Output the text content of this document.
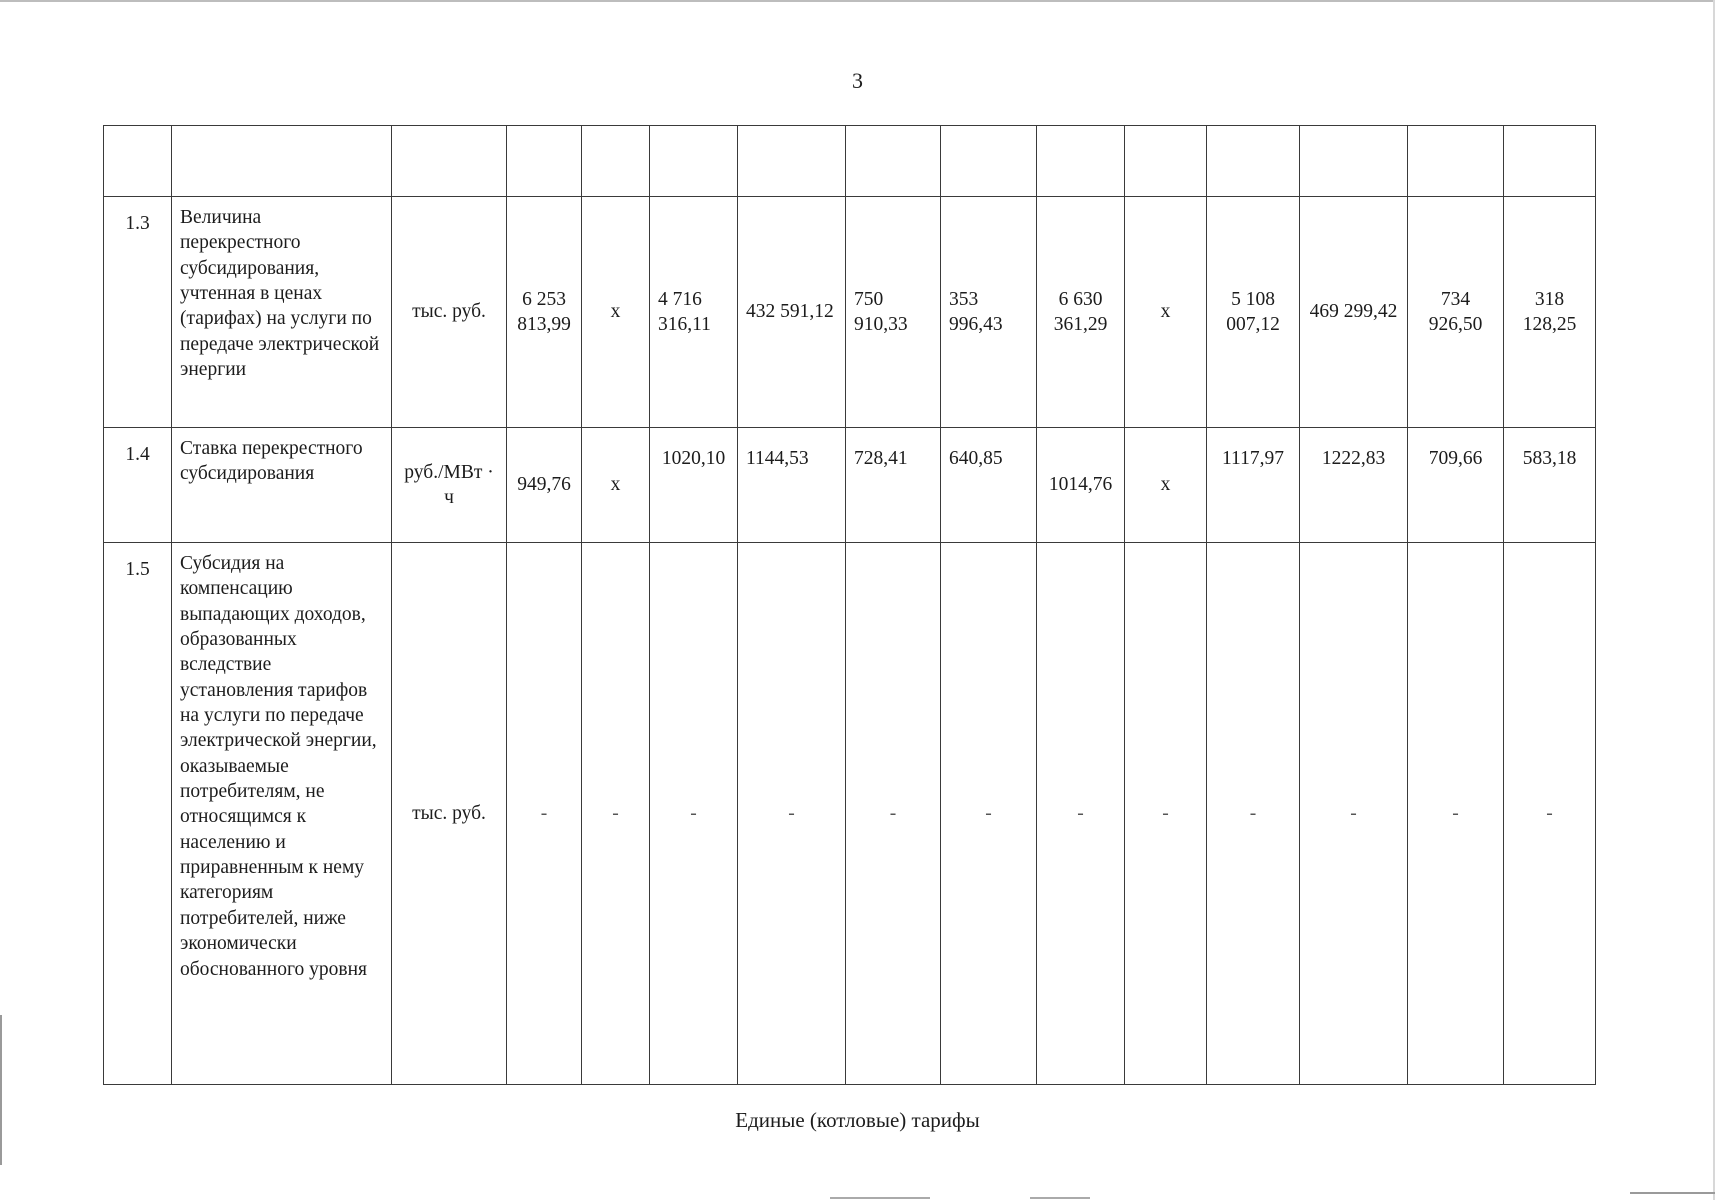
3

1.3	Величина перекрестного субсидирования, учтенная в ценах (тарифах) на услуги по передаче электрической энергии	тыс. руб.	6 253 813,99	x	4 716 316,11	432 591,12	750 910,33	353 996,43	6 630 361,29	x	5 108 007,12	469 299,42	734 926,50	318 128,25
1.4	Ставка перекрестного субсидирования	руб./МВт · ч	949,76	x	1020,10	1144,53	728,41	640,85	1014,76	x	1117,97	1222,83	709,66	583,18
1.5	Субсидия на компенсацию выпадающих доходов, образованных вследствие установления тарифов на услуги по передаче электрической энергии, оказываемые потребителям, не относящимся к населению и приравненным к нему категориям потребителей, ниже экономически обоснованного уровня	тыс. руб.	-	-	-	-	-	-	-	-	-	-	-	-
Единые (котловые) тарифы
